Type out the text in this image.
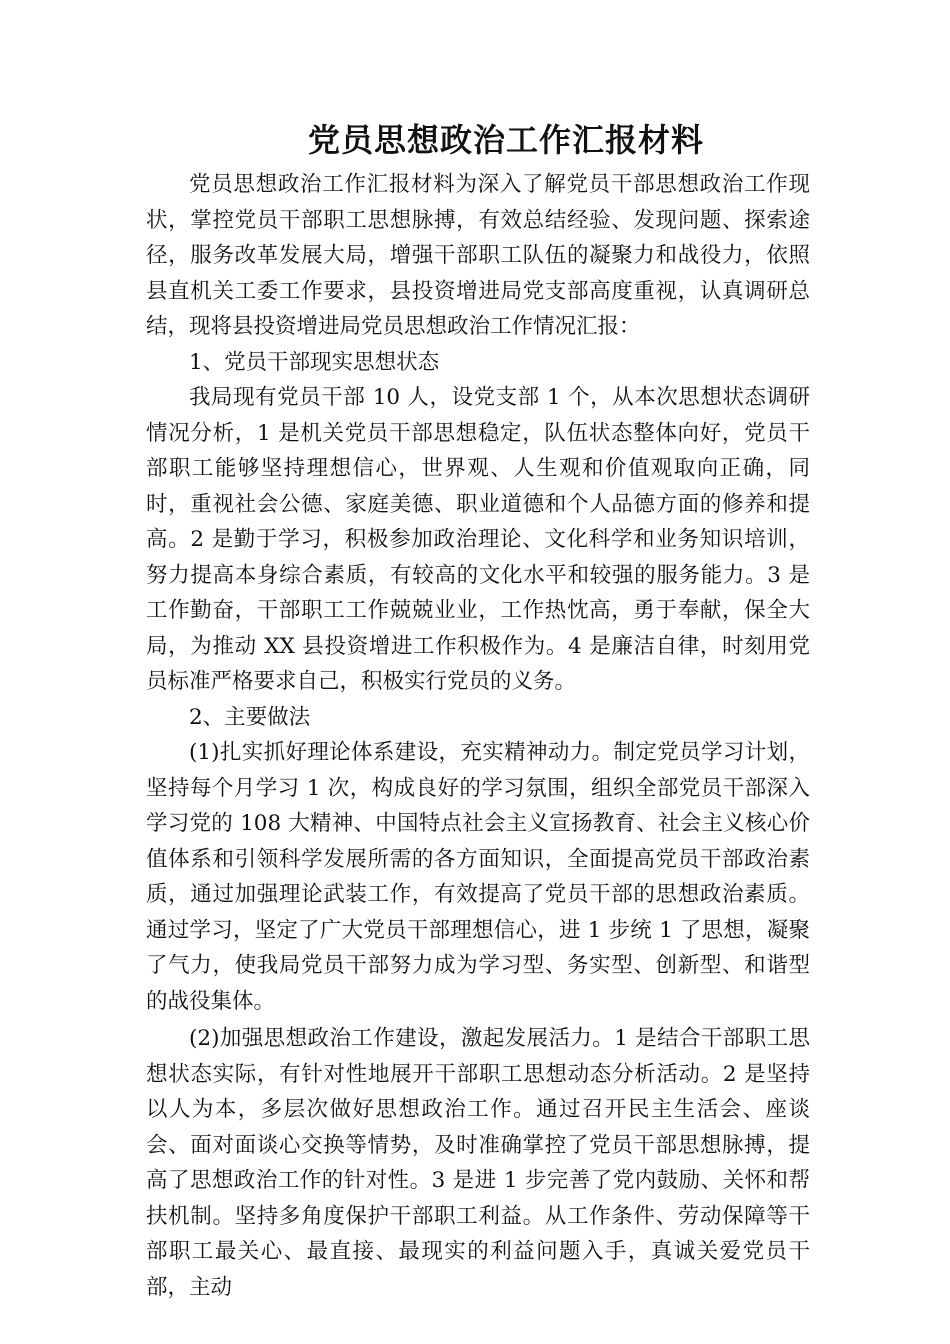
党员思想政治工作汇报材料

党员思想政治工作汇报材料为深入了解党员干部思想政治工作现状，掌控党员干部职工思想脉搏，有效总结经验、发现问题、探索途径，服务改革发展大局，增强干部职工队伍的凝聚力和战役力，依照县直机关工委工作要求，县投资增进局党支部高度重视，认真调研总结，现将县投资增进局党员思想政治工作情况汇报：

1、党员干部现实思想状态

我局现有党员干部 10 人，设党支部 1 个，从本次思想状态调研情况分析，1 是机关党员干部思想稳定，队伍状态整体向好，党员干部职工能够坚持理想信心，世界观、人生观和价值观取向正确，同时，重视社会公德、家庭美德、职业道德和个人品德方面的修养和提高。2 是勤于学习，积极参加政治理论、文化科学和业务知识培训，努力提高本身综合素质，有较高的文化水平和较强的服务能力。3 是工作勤奋，干部职工工作兢兢业业，工作热忱高，勇于奉献，保全大局，为推动 XX 县投资增进工作积极作为。4 是廉洁自律，时刻用党员标准严格要求自己，积极实行党员的义务。

2、主要做法

(1)扎实抓好理论体系建设，充实精神动力。制定党员学习计划，坚持每个月学习 1 次，构成良好的学习氛围，组织全部党员干部深入学习党的 108 大精神、中国特点社会主义宣扬教育、社会主义核心价值体系和引领科学发展所需的各方面知识，全面提高党员干部政治素质，通过加强理论武装工作，有效提高了党员干部的思想政治素质。通过学习，坚定了广大党员干部理想信心，进 1 步统 1 了思想，凝聚了气力，使我局党员干部努力成为学习型、务实型、创新型、和谐型的战役集体。

(2)加强思想政治工作建设，激起发展活力。1 是结合干部职工思想状态实际，有针对性地展开干部职工思想动态分析活动。2 是坚持以人为本，多层次做好思想政治工作。通过召开民主生活会、座谈会、面对面谈心交换等情势，及时准确掌控了党员干部思想脉搏，提高了思想政治工作的针对性。3 是进 1 步完善了党内鼓励、关怀和帮扶机制。坚持多角度保护干部职工利益。从工作条件、劳动保障等干部职工最关心、最直接、最现实的利益问题入手，真诚关爱党员干部，主动
